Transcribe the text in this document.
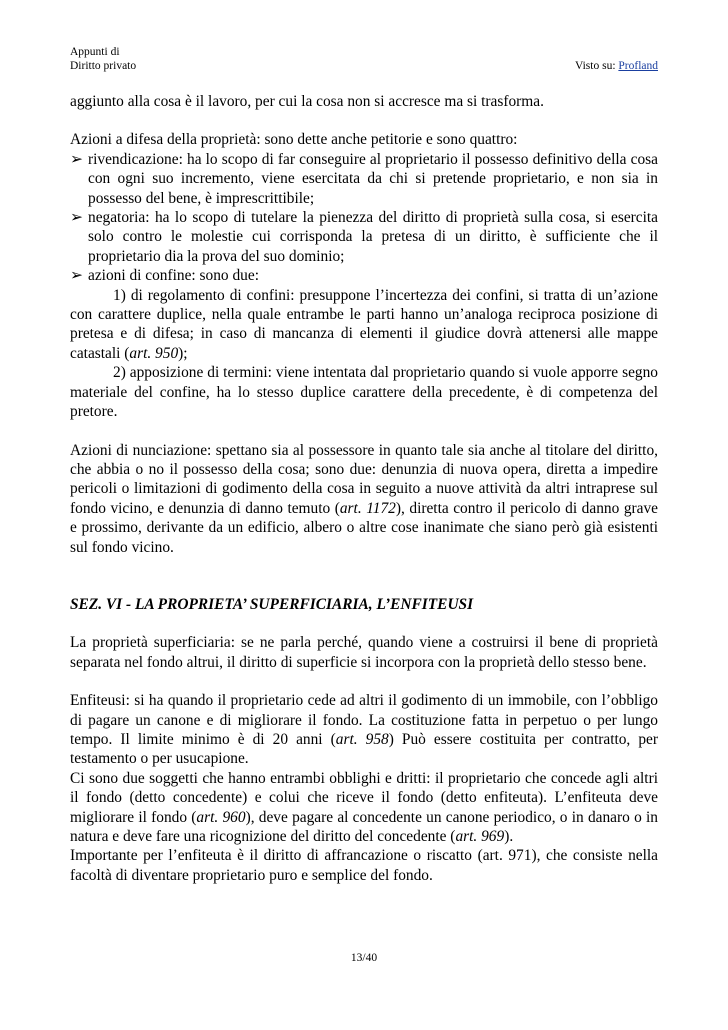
Appunti di
Diritto privato	Visto su: Profland

aggiunto alla cosa è il lavoro, per cui la cosa non si accresce ma si trasforma.

Azioni a difesa della proprietà: sono dette anche petitorie e sono quattro:

➢ rivendicazione: ha lo scopo di far conseguire al proprietario il possesso definitivo della cosa con ogni suo incremento, viene esercitata da chi si pretende proprietario, e non sia in possesso del bene, è imprescrittibile;
➢ negatoria: ha lo scopo di tutelare la pienezza del diritto di proprietà sulla cosa, si esercita solo contro le molestie cui corrisponda la pretesa di un diritto, è sufficiente che il proprietario dia la prova del suo dominio;
➢ azioni di confine: sono due:

1) di regolamento di confini: presuppone l’incertezza dei confini, si tratta di un’azione con carattere duplice, nella quale entrambe le parti hanno un’analoga reciproca posizione di pretesa e di difesa; in caso di mancanza di elementi il giudice dovrà attenersi alle mappe catastali (art. 950);

2) apposizione di termini: viene intentata dal proprietario quando si vuole apporre segno materiale del confine, ha lo stesso duplice carattere della precedente, è di competenza del pretore.

Azioni di nunciazione: spettano sia al possessore in quanto tale sia anche al titolare del diritto, che abbia o no il possesso della cosa; sono due: denunzia di nuova opera, diretta a impedire pericoli o limitazioni di godimento della cosa in seguito a nuove attività da altri intraprese sul fondo vicino, e denunzia di danno temuto (art. 1172), diretta contro il pericolo di danno grave e prossimo, derivante da un edificio, albero o altre cose inanimate che siano però già esistenti sul fondo vicino.

SEZ. VI - LA PROPRIETA’ SUPERFICIARIA, L’ENFITEUSI

La proprietà superficiaria: se ne parla perché, quando viene a costruirsi il bene di proprietà separata nel fondo altrui, il diritto di superficie si incorpora con la proprietà dello stesso bene.

Enfiteusi: si ha quando il proprietario cede ad altri il godimento di un immobile, con l’obbligo di pagare un canone e di migliorare il fondo. La costituzione fatta in perpetuo o per lungo tempo. Il limite minimo è di 20 anni (art. 958) Può essere costituita per contratto, per testamento o per usucapione.

Ci sono due soggetti che hanno entrambi obblighi e dritti: il proprietario che concede agli altri il fondo (detto concedente) e colui che riceve il fondo (detto enfiteuta). L’enfiteuta deve migliorare il fondo (art. 960), deve pagare al concedente un canone periodico, o in danaro o in natura e deve fare una ricognizione del diritto del concedente (art. 969).

Importante per l’enfiteuta è il diritto di affrancazione o riscatto (art. 971), che consiste nella facoltà di diventare proprietario puro e semplice del fondo.

13/40
